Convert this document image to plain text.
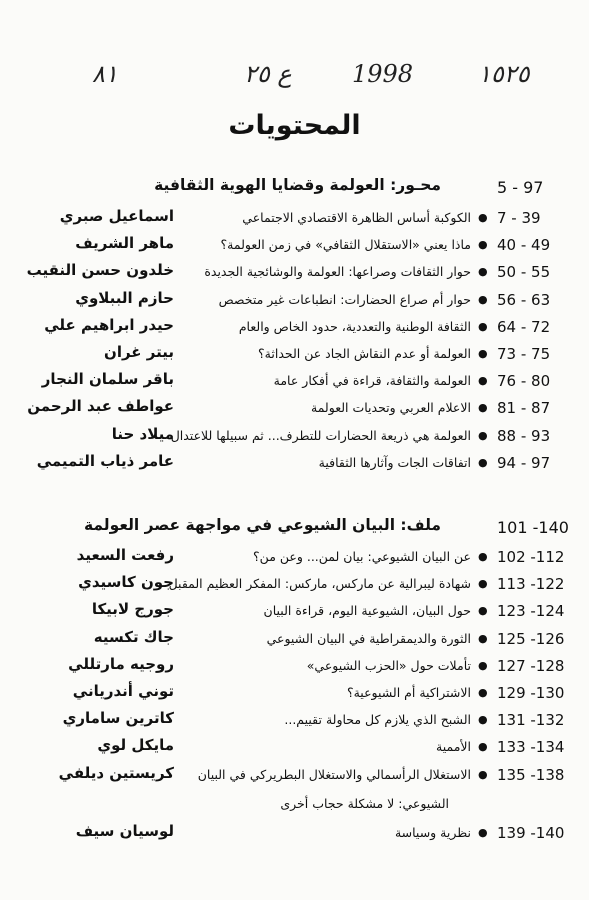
١٥٢٥
1998
ع ٢٥
٨١
المحتويات
5 - 97
محـور: العولمة وقضايا الهوية الثقافية
7 - 39
●
الكوكبة أساس الظاهرة الاقتصادي الاجتماعي
اسماعيل صبري
40 - 49
●
ماذا يعني «الاستقلال الثقافي» في زمن العولمة؟
ماهر الشريف
50 - 55
●
حوار الثقافات وصراعها: العولمة والوشائجية الجديدة
خلدون حسن النقيب
56 - 63
●
حوار أم صراع الحضارات: انطباعات غير متخصص
حازم الببلاوي
64 - 72
●
الثقافة الوطنية والتعددية، حدود الخاص والعام
حيدر ابراهيم علي
73 - 75
●
العولمة أو عدم النقاش الجاد عن الحداثة؟
بيتر غران
76 - 80
●
العولمة والثقافة، قراءة في أفكار عامة
باقر سلمان النجار
81 - 87
●
الاعلام العربي وتحديات العولمة
عواطف عبد الرحمن
88 - 93
●
العولمة هي ذريعة الحضارات للتطرف... ثم سبيلها للاعتدال
ميلاد حنا
94 - 97
●
اتفاقات الجات وآثارها الثقافية
عامر ذياب التميمي
101 -140
ملف: البيان الشيوعي في مواجهة عصر العولمة
102 -112
●
عن البيان الشيوعي: بيان لمن... وعن من؟
رفعت السعيد
113 -122
●
شهادة ليبرالية عن ماركس، ماركس: المفكر العظيم المقبل
جون كاسيدي
123 -124
●
حول البيان، الشيوعية اليوم، قراءة البيان
جورج لابيكا
125 -126
●
الثورة والديمقراطية في البيان الشيوعي
جاك تكسيه
127 -128
●
تأملات حول «الحزب الشيوعي»
روجيه مارتللي
129 -130
●
الاشتراكية أم الشيوعية؟
توني أندرياني
131 -132
●
الشبح الذي يلازم كل محاولة تقييم...
كاترين ساماري
133 -134
●
الأممية
مايكل لوي
135 -138
●
الاستغلال الرأسمالي والاستغلال البطريركي في البيان
كريستين ديلفي
الشيوعي: لا مشكلة حجاب أخرى
139 -140
●
نظرية وسياسة
لوسيان سيف
